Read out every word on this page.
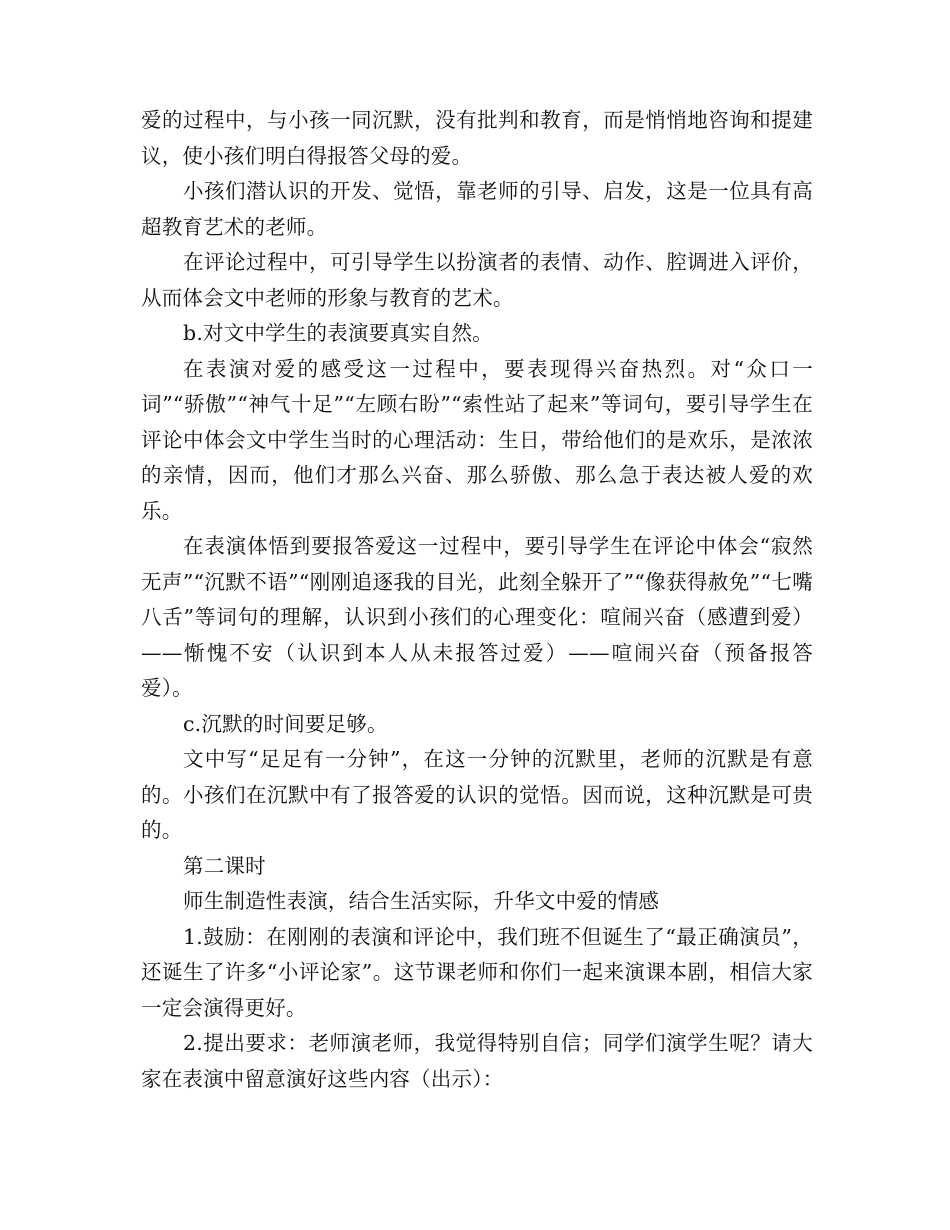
爱的过程中，与小孩一同沉默，没有批判和教育，而是悄悄地咨询和提建议，使小孩们明白得报答父母的爱。

小孩们潜认识的开发、觉悟，靠老师的引导、启发，这是一位具有高超教育艺术的老师。

在评论过程中，可引导学生以扮演者的表情、动作、腔调进入评价，从而体会文中老师的形象与教育的艺术。

b.对文中学生的表演要真实自然。

在表演对爱的感受这一过程中，要表现得兴奋热烈。对“众口一词”“骄傲”“神气十足”“左顾右盼”“索性站了起来”等词句，要引导学生在评论中体会文中学生当时的心理活动：生日，带给他们的是欢乐，是浓浓的亲情，因而，他们才那么兴奋、那么骄傲、那么急于表达被人爱的欢乐。

在表演体悟到要报答爱这一过程中，要引导学生在评论中体会“寂然无声”“沉默不语”“刚刚追逐我的目光，此刻全躲开了”“像获得赦免”“七嘴八舌”等词句的理解，认识到小孩们的心理变化：喧闹兴奋（感遭到爱）——惭愧不安（认识到本人从未报答过爱）——喧闹兴奋（预备报答爱）。

c.沉默的时间要足够。

文中写“足足有一分钟”，在这一分钟的沉默里，老师的沉默是有意的。小孩们在沉默中有了报答爱的认识的觉悟。因而说，这种沉默是可贵的。

第二课时

师生制造性表演，结合生活实际，升华文中爱的情感

1.鼓励：在刚刚的表演和评论中，我们班不但诞生了“最正确演员”，还诞生了许多“小评论家”。这节课老师和你们一起来演课本剧，相信大家一定会演得更好。

2.提出要求：老师演老师，我觉得特别自信；同学们演学生呢？请大家在表演中留意演好这些内容（出示）：
